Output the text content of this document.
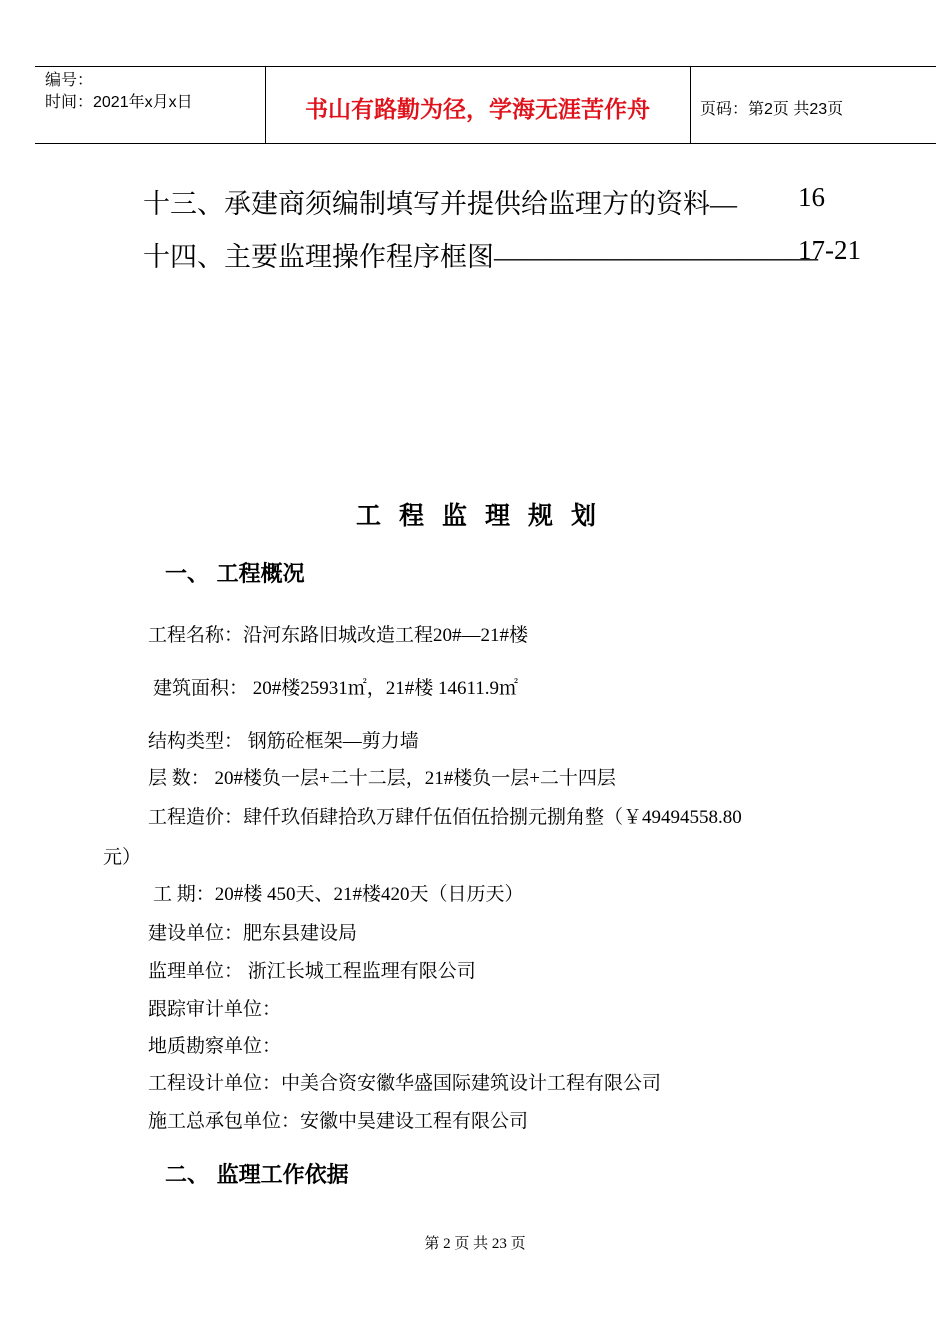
编号：
时间：2021年x月x日	书山有路勤为径，学海无涯苦作舟	页码：第2页 共23页
十三、承建商须编制填写并提供给监理方的资料— 16
十四、主要监理操作程序框图————————————
17-21
工程监理规划
一、 工程概况
工程名称：沿河东路旧城改造工程20#—21#楼
建筑面积： 20#楼25931㎡，21#楼 14611.9㎡
结构类型： 钢筋砼框架—剪力墙
层 数： 20#楼负一层+二十二层，21#楼负一层+二十四层
工程造价：肆仟玖佰肆拾玖万肆仟伍佰伍拾捌元捌角整（￥49494558.80
元）
工 期：20#楼 450天、21#楼420天（日历天）
建设单位：肥东县建设局
监理单位： 浙江长城工程监理有限公司
跟踪审计单位：
地质勘察单位：
工程设计单位：中美合资安徽华盛国际建筑设计工程有限公司
施工总承包单位：安徽中昊建设工程有限公司
二、 监理工作依据
第 2 页 共 23 页
